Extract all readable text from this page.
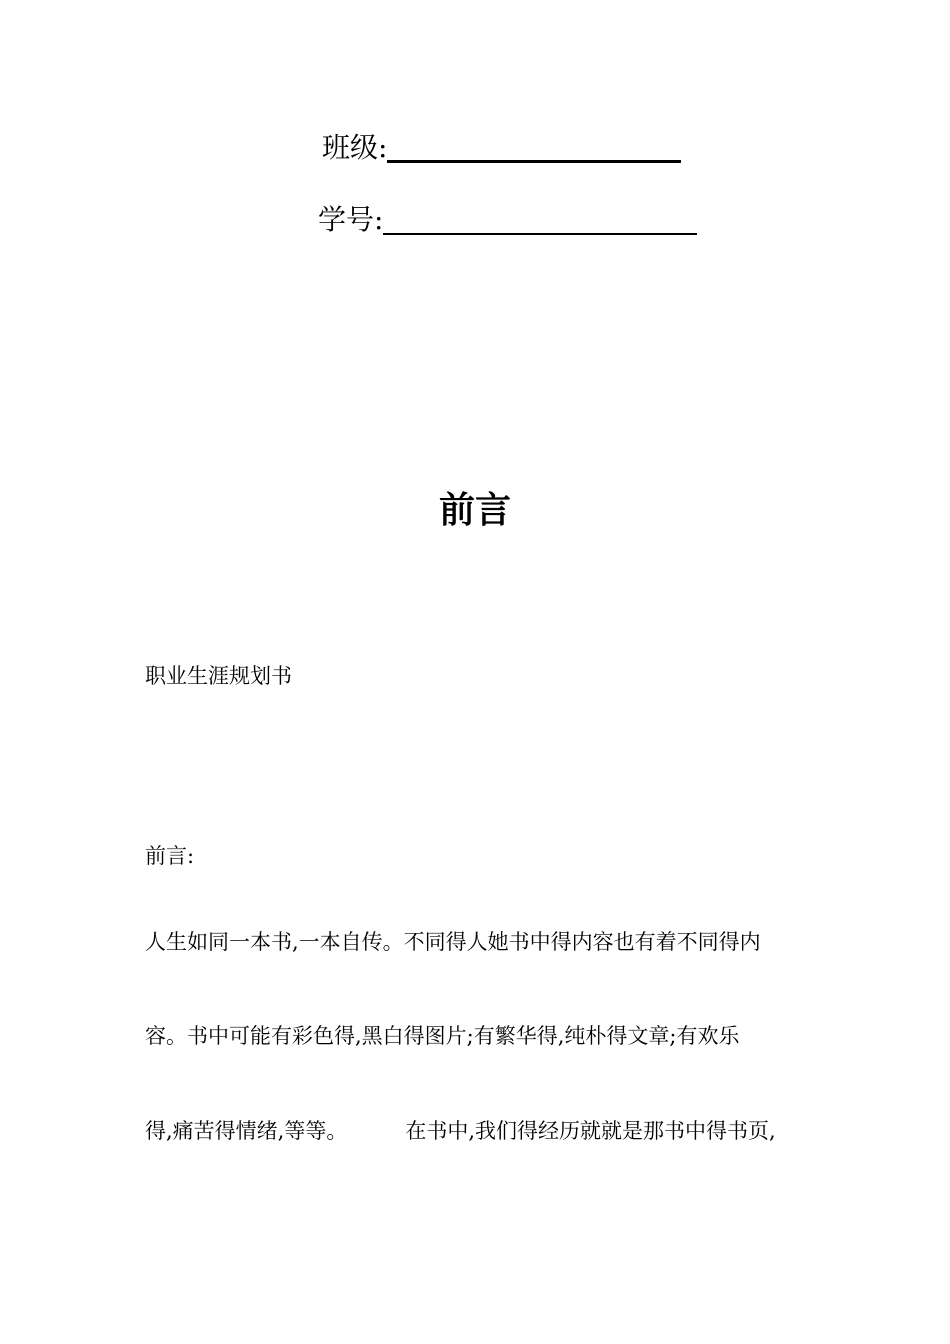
班级:
学号:
前言
职业生涯规划书
前言:
人生如同一本书,一本自传。不同得人她书中得内容也有着不同得内
容。书中可能有彩色得,黑白得图片;有繁华得,纯朴得文章;有欢乐
得,痛苦得情绪,等等。	在书中,我们得经历就就是那书中得书页,
